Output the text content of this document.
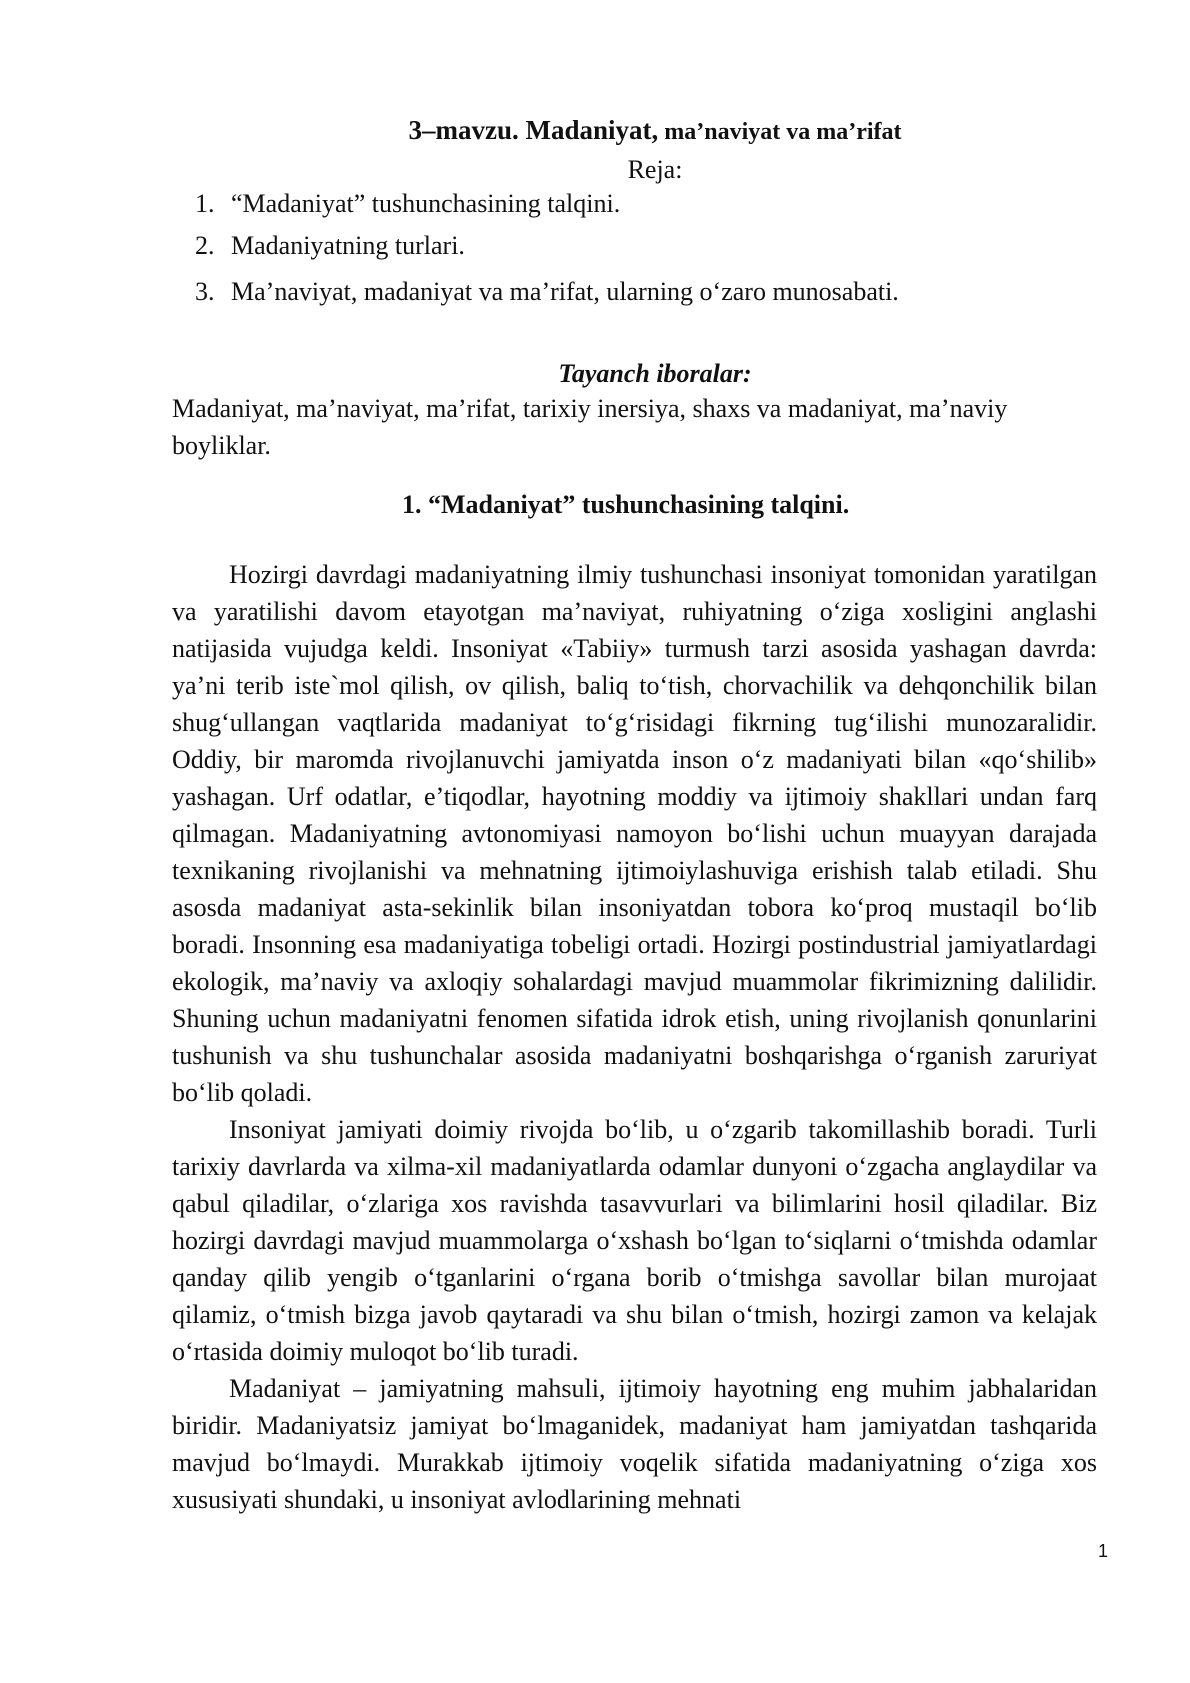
3–mavzu. Madaniyat, ma’naviyat va ma’rifat
Reja:
1. “Madaniyat” tushunchasining talqini.
2. Madaniyatning turlari.
3. Ma’naviyat, madaniyat va ma’rifat, ularning o‘zaro munosabati.
Tayanch iboralar:
Madaniyat, ma’naviyat, ma’rifat, tarixiy inersiya, shaxs va madaniyat, ma’naviy boyliklar.
1. “Madaniyat” tushunchasining talqini.

Hozirgi davrdagi madaniyatning ilmiy tushunchasi insoniyat tomonidan yaratilgan va yaratilishi davom etayotgan ma’naviyat, ruhiyatning o‘ziga xosligini anglashi natijasida vujudga keldi. Insoniyat «Tabiiy» turmush tarzi asosida yashagan davrda: ya’ni terib iste`mol qilish, ov qilish, baliq to‘tish, chorvachilik va dehqonchilik bilan shug‘ullangan vaqtlarida madaniyat to‘g‘risidagi fikrning tug‘ilishi munozaralidir. Oddiy, bir maromda rivojlanuvchi jamiyatda inson o‘z madaniyati bilan «qo‘shilib» yashagan. Urf odatlar, e’tiqodlar, hayotning moddiy va ijtimoiy shakllari undan farq qilmagan. Madaniyatning avtonomiyasi namoyon bo‘lishi uchun muayyan darajada texnikaning rivojlanishi va mehnatning ijtimoiylashuviga erishish talab etiladi. Shu asosda madaniyat asta-sekinlik bilan insoniyatdan tobora ko‘proq mustaqil bo‘lib boradi. Insonning esa madaniyatiga tobeligi ortadi. Hozirgi postindustrial jamiyatlardagi ekologik, ma’naviy va axloqiy sohalardagi mavjud muammolar fikrimizning dalilidir. Shuning uchun madaniyatni fenomen sifatida idrok etish, uning rivojlanish qonunlarini tushunish va shu tushunchalar asosida madaniyatni boshqarishga o‘rganish zaruriyat bo‘lib qoladi.

Insoniyat jamiyati doimiy rivojda bo‘lib, u o‘zgarib takomillashib boradi. Turli tarixiy davrlarda va xilma-xil madaniyatlarda odamlar dunyoni o‘zgacha anglaydilar va qabul qiladilar, o‘zlariga xos ravishda tasavvurlari va bilimlarini hosil qiladilar. Biz hozirgi davrdagi mavjud muammolarga o‘xshash bo‘lgan to‘siqlarni o‘tmishda odamlar qanday qilib yengib o‘tganlarini o‘rgana borib o‘tmishga savollar bilan murojaat qilamiz, o‘tmish bizga javob qaytaradi va shu bilan o‘tmish, hozirgi zamon va kelajak o‘rtasida doimiy muloqot bo‘lib turadi.

Madaniyat – jamiyatning mahsuli, ijtimoiy hayotning eng muhim jabhalaridan biridir. Madaniyatsiz jamiyat bo‘lmaganidek, madaniyat ham jamiyatdan tashqarida mavjud bo‘lmaydi. Murakkab ijtimoiy voqelik sifatida madaniyatning o‘ziga xos xususiyati shundaki, u insoniyat avlodlarining mehnati

1
